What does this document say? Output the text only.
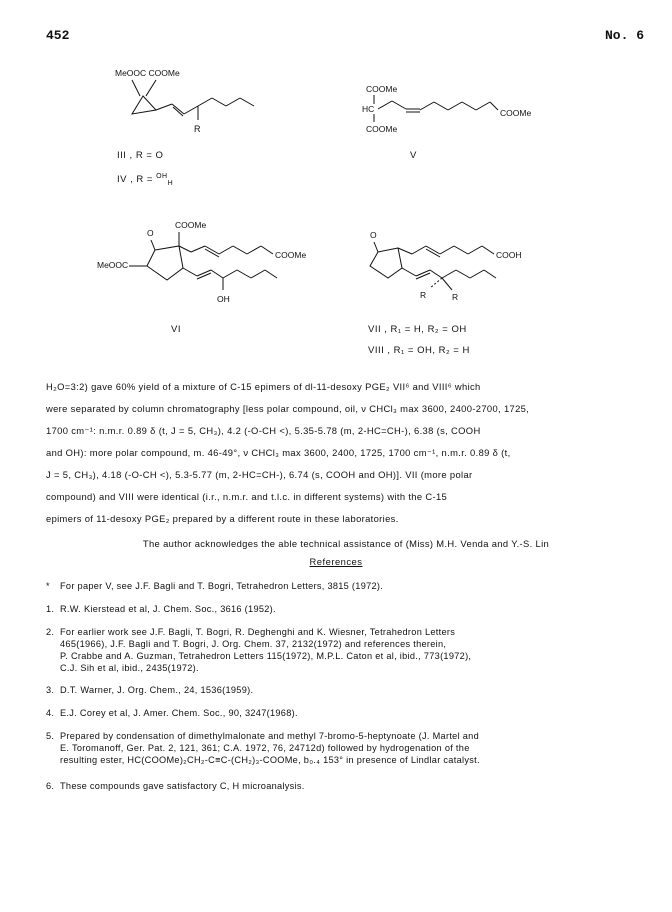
452	No. 6
MeOOC COOMe
R
III , R = O
IV , R = $^{OH}_H$
COOMe
HC
COOMe
COOMe
V
O
COOMe
MeOOC
COOMe
OH
VI
O
COOH
R	R
VII , R₁ = H, R₂ = OH
VIII , R₁ = OH, R₂ = H

H₂O=3:2) gave 60% yield of a mixture of C-15 epimers of dl-11-desoxy PGE₂ VII⁶ and VIII⁶ which

were separated by column chromatography [less polar compound, oil, ν CHCl₃ max 3600, 2400-2700, 1725,

1700 cm⁻¹: n.m.r. 0.89 δ (t, J = 5, CH₃), 4.2 (-O-CH <), 5.35-5.78 (m, 2-HC=CH-), 6.38 (s, COOH

and OH): more polar compound, m. 46-49°, ν CHCl₃ max 3600, 2400, 1725, 1700 cm⁻¹, n.m.r. 0.89 δ (t,

J = 5, CH₃), 4.18 (-O-CH <), 5.3-5.77 (m, 2-HC=CH-), 6.74 (s, COOH and OH)]. VII (more polar

compound) and VIII were identical (i.r., n.m.r. and t.l.c. in different systems) with the C-15

epimers of 11-desoxy PGE₂ prepared by a different route in these laboratories.

The author acknowledges the able technical assistance of (Miss) M.H. Venda and Y.-S. Lin
References
* For paper V, see J.F. Bagli and T. Bogri, Tetrahedron Letters, 3815 (1972).
1. R.W. Kierstead et al, J. Chem. Soc., 3616 (1952).
2. For earlier work see J.F. Bagli, T. Bogri, R. Deghenghi and K. Wiesner, Tetrahedron Letters
465(1966), J.F. Bagli and T. Bogri, J. Org. Chem. 37, 2132(1972) and references therein,
P. Crabbe and A. Guzman, Tetrahedron Letters 115(1972), M.P.L. Caton et al, ibid., 773(1972),
C.J. Sih et al, ibid., 2435(1972).
3. D.T. Warner, J. Org. Chem., 24, 1536(1959).
4. E.J. Corey et al, J. Amer. Chem. Soc., 90, 3247(1968).
5. Prepared by condensation of dimethylmalonate and methyl 7-bromo-5-heptynoate (J. Martel and
E. Toromanoff, Ger. Pat. 2, 121, 361; C.A. 1972, 76, 24712d) followed by hydrogenation of the
resulting ester, HC(COOMe)₂CH₂-C≡C-(CH₂)₃-COOMe, b₀.₄ 153° in presence of Lindlar catalyst.
6. These compounds gave satisfactory C, H microanalysis.
